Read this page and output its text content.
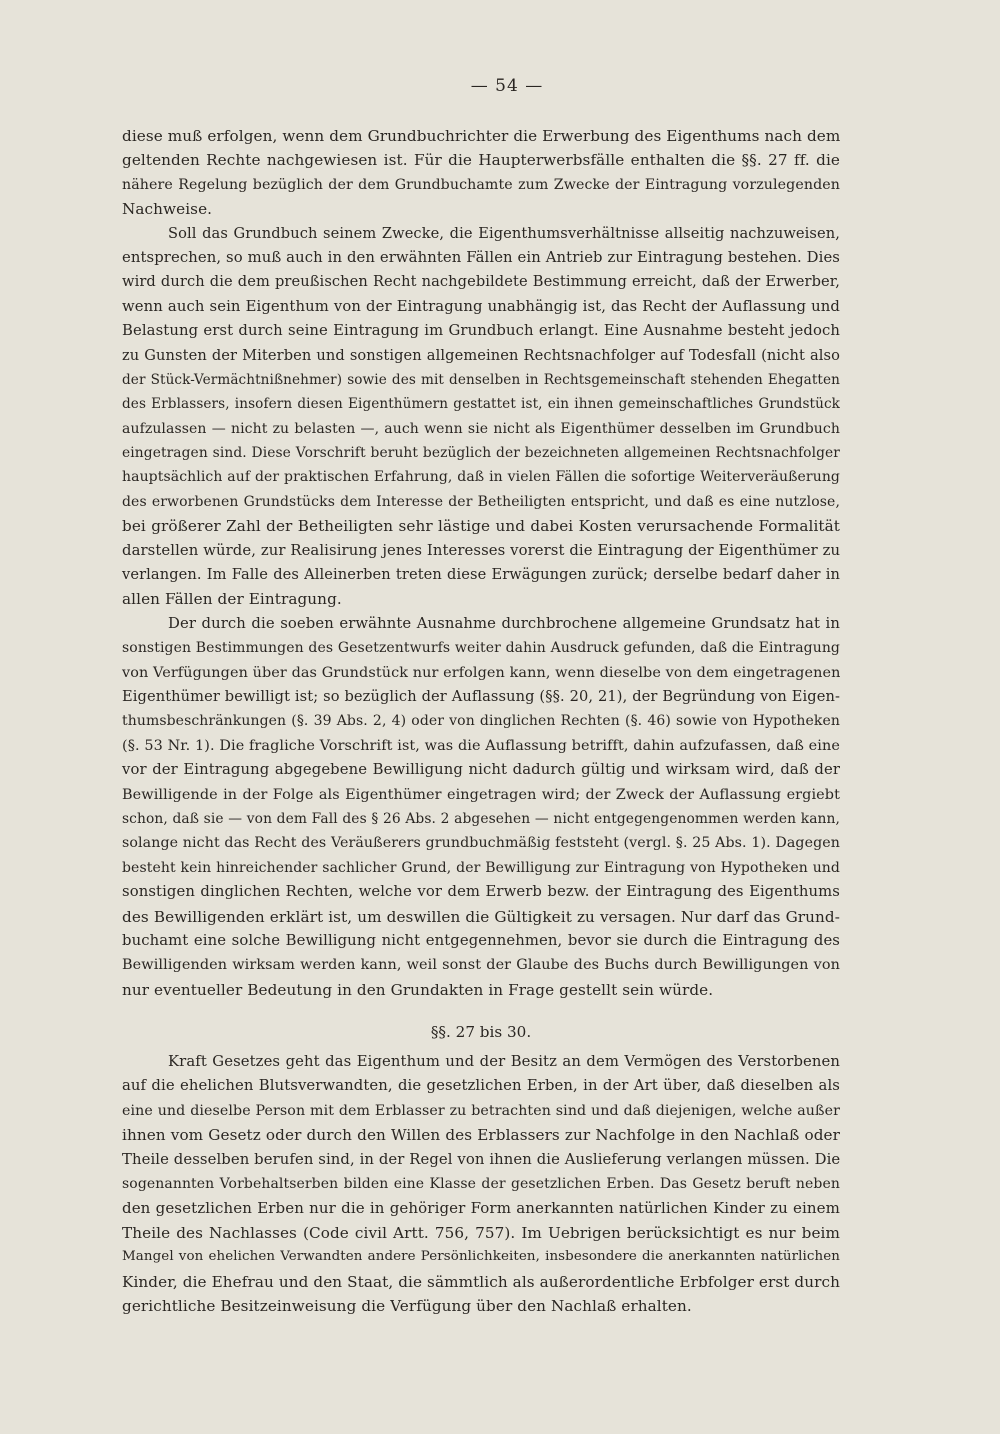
— 54 —
diese muß erfolgen, wenn dem Grundbuchrichter die Erwerbung des Eigenthums nach dem
geltenden Rechte nachgewiesen ist. Für die Haupterwerbsfälle enthalten die §§. 27 ff. die
nähere Regelung bezüglich der dem Grundbuchamte zum Zwecke der Eintragung vorzulegenden
Nachweise.
Soll das Grundbuch seinem Zwecke, die Eigenthumsverhältnisse allseitig nachzuweisen,
entsprechen, so muß auch in den erwähnten Fällen ein Antrieb zur Eintragung bestehen. Dies
wird durch die dem preußischen Recht nachgebildete Bestimmung erreicht, daß der Erwerber,
wenn auch sein Eigenthum von der Eintragung unabhängig ist, das Recht der Auflassung und
Belastung erst durch seine Eintragung im Grundbuch erlangt. Eine Ausnahme besteht jedoch
zu Gunsten der Miterben und sonstigen allgemeinen Rechtsnachfolger auf Todesfall (nicht also
der Stück-Vermächtnißnehmer) sowie des mit denselben in Rechtsgemeinschaft stehenden Ehegatten
des Erblassers, insofern diesen Eigenthümern gestattet ist, ein ihnen gemeinschaftliches Grundstück
aufzulassen — nicht zu belasten —, auch wenn sie nicht als Eigenthümer desselben im Grundbuch
eingetragen sind. Diese Vorschrift beruht bezüglich der bezeichneten allgemeinen Rechtsnachfolger
hauptsächlich auf der praktischen Erfahrung, daß in vielen Fällen die sofortige Weiterveräußerung
des erworbenen Grundstücks dem Interesse der Betheiligten entspricht, und daß es eine nutzlose,
bei größerer Zahl der Betheiligten sehr lästige und dabei Kosten verursachende Formalität
darstellen würde, zur Realisirung jenes Interesses vorerst die Eintragung der Eigenthümer zu
verlangen. Im Falle des Alleinerben treten diese Erwägungen zurück; derselbe bedarf daher in
allen Fällen der Eintragung.
Der durch die soeben erwähnte Ausnahme durchbrochene allgemeine Grundsatz hat in
sonstigen Bestimmungen des Gesetzentwurfs weiter dahin Ausdruck gefunden, daß die Eintragung
von Verfügungen über das Grundstück nur erfolgen kann, wenn dieselbe von dem eingetragenen
Eigenthümer bewilligt ist; so bezüglich der Auflassung (§§. 20, 21), der Begründung von Eigen-
thumsbeschränkungen (§. 39 Abs. 2, 4) oder von dinglichen Rechten (§. 46) sowie von Hypotheken
(§. 53 Nr. 1). Die fragliche Vorschrift ist, was die Auflassung betrifft, dahin aufzufassen, daß eine
vor der Eintragung abgegebene Bewilligung nicht dadurch gültig und wirksam wird, daß der
Bewilligende in der Folge als Eigenthümer eingetragen wird; der Zweck der Auflassung ergiebt
schon, daß sie — von dem Fall des § 26 Abs. 2 abgesehen — nicht entgegengenommen werden kann,
solange nicht das Recht des Veräußerers grundbuchmäßig feststeht (vergl. §. 25 Abs. 1). Dagegen
besteht kein hinreichender sachlicher Grund, der Bewilligung zur Eintragung von Hypotheken und
sonstigen dinglichen Rechten, welche vor dem Erwerb bezw. der Eintragung des Eigenthums
des Bewilligenden erklärt ist, um deswillen die Gültigkeit zu versagen. Nur darf das Grund-
buchamt eine solche Bewilligung nicht entgegennehmen, bevor sie durch die Eintragung des
Bewilligenden wirksam werden kann, weil sonst der Glaube des Buchs durch Bewilligungen von
nur eventueller Bedeutung in den Grundakten in Frage gestellt sein würde.
§§. 27 bis 30.
Kraft Gesetzes geht das Eigenthum und der Besitz an dem Vermögen des Verstorbenen
auf die ehelichen Blutsverwandten, die gesetzlichen Erben, in der Art über, daß dieselben als
eine und dieselbe Person mit dem Erblasser zu betrachten sind und daß diejenigen, welche außer
ihnen vom Gesetz oder durch den Willen des Erblassers zur Nachfolge in den Nachlaß oder
Theile desselben berufen sind, in der Regel von ihnen die Auslieferung verlangen müssen. Die
sogenannten Vorbehaltserben bilden eine Klasse der gesetzlichen Erben. Das Gesetz beruft neben
den gesetzlichen Erben nur die in gehöriger Form anerkannten natürlichen Kinder zu einem
Theile des Nachlasses (Code civil Artt. 756, 757). Im Uebrigen berücksichtigt es nur beim
Mangel von ehelichen Verwandten andere Persönlichkeiten, insbesondere die anerkannten natürlichen
Kinder, die Ehefrau und den Staat, die sämmtlich als außerordentliche Erbfolger erst durch
gerichtliche Besitzeinweisung die Verfügung über den Nachlaß erhalten.
